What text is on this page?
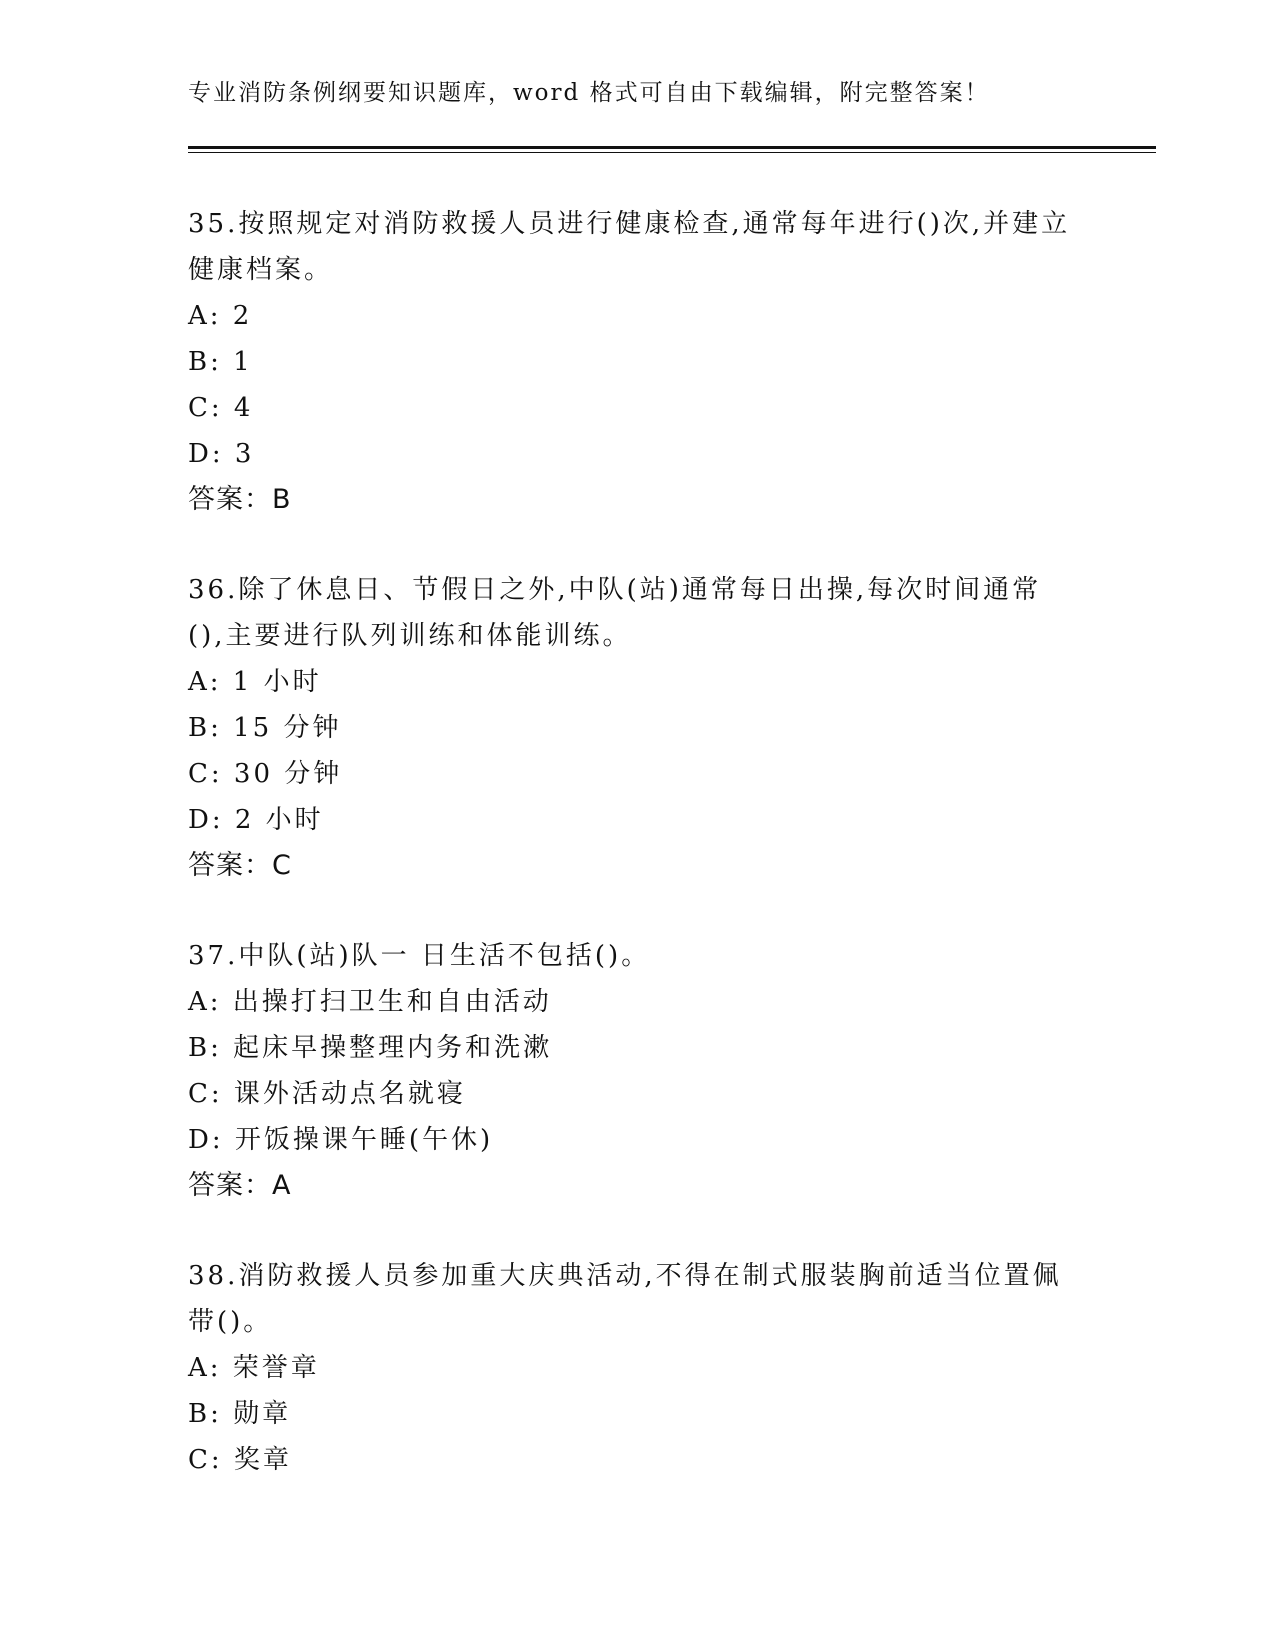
专业消防条例纲要知识题库，word 格式可自由下载编辑，附完整答案！
35.按照规定对消防救援人员进行健康检查,通常每年进行()次,并建立
健康档案。
A: 2
B: 1
C: 4
D: 3
答案：B
36.除了休息日、节假日之外,中队(站)通常每日出操,每次时间通常
(),主要进行队列训练和体能训练。
A: 1 小时
B: 15 分钟
C: 30 分钟
D: 2 小时
答案：C
37.中队(站)队一 日生活不包括()。
A: 出操打扫卫生和自由活动
B: 起床早操整理内务和洗漱
C: 课外活动点名就寝
D: 开饭操课午睡(午休)
答案：A
38.消防救援人员参加重大庆典活动,不得在制式服装胸前适当位置佩
带()。
A: 荣誉章
B: 勋章
C: 奖章
